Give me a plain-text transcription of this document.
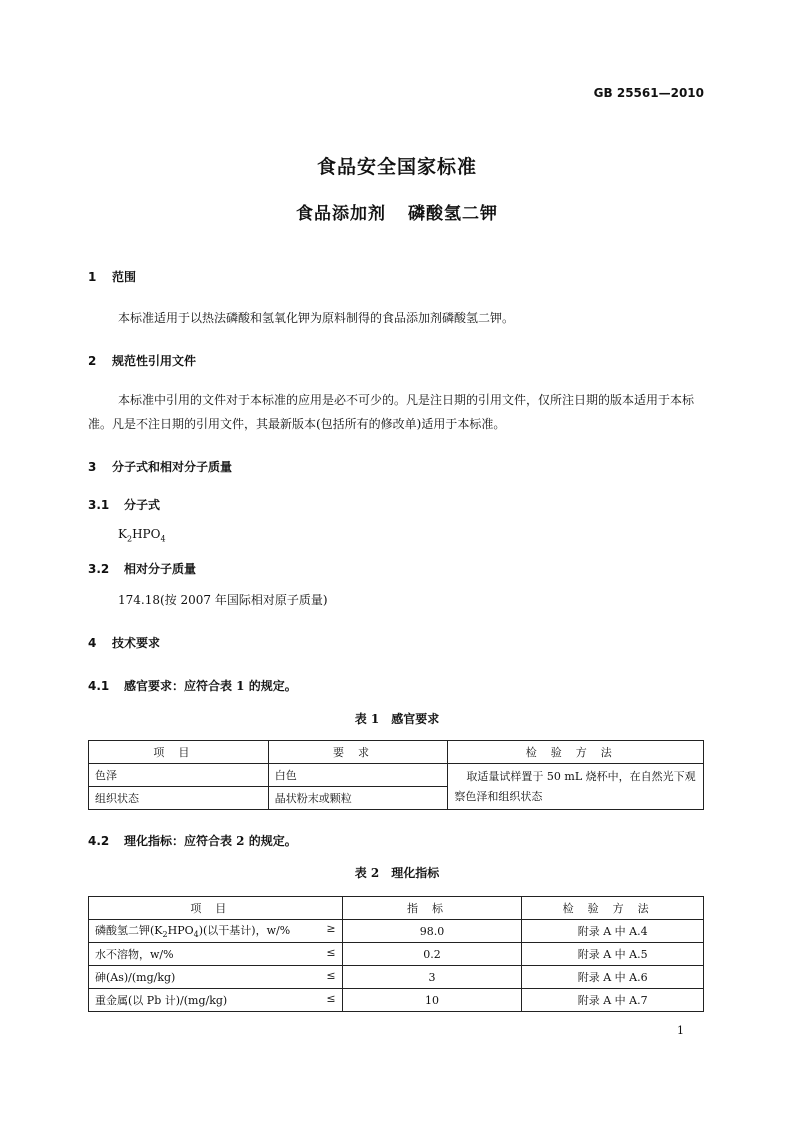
GB 25561—2010
食品安全国家标准
食品添加剂 磷酸氢二钾
1 范围
本标准适用于以热法磷酸和氢氧化钾为原料制得的食品添加剂磷酸氢二钾。
2 规范性引用文件
本标准中引用的文件对于本标准的应用是必不可少的。凡是注日期的引用文件，仅所注日期的版本适用于本标准。凡是不注日期的引用文件，其最新版本(包括所有的修改单)适用于本标准。
3 分子式和相对分子质量
3.1 分子式
$K_2HPO_4$
3.2 相对分子质量
174.18(按 2007 年国际相对原子质量)
4 技术要求
4.1 感官要求：应符合表 1 的规定。
表 1　感官要求
项目	要求	检验方法
色泽	白色	取适量试样置于 50 mL 烧杯中，在自然光下观察色泽和组织状态
组织状态	晶状粉末或颗粒	
4.2 理化指标：应符合表 2 的规定。
表 2　理化指标
项目	指标	检验方法

磷酸氢二钾$(K_2HPO_4)$(以干基计)，w/% ≥	98.0	附录 A 中 A.4

水不溶物，w/% ≤	0.2	附录 A 中 A.5

砷(As)/(mg/kg) ≤	3	附录 A 中 A.6

重金属(以 Pb 计)/(mg/kg) ≤	10	附录 A 中 A.7
1
